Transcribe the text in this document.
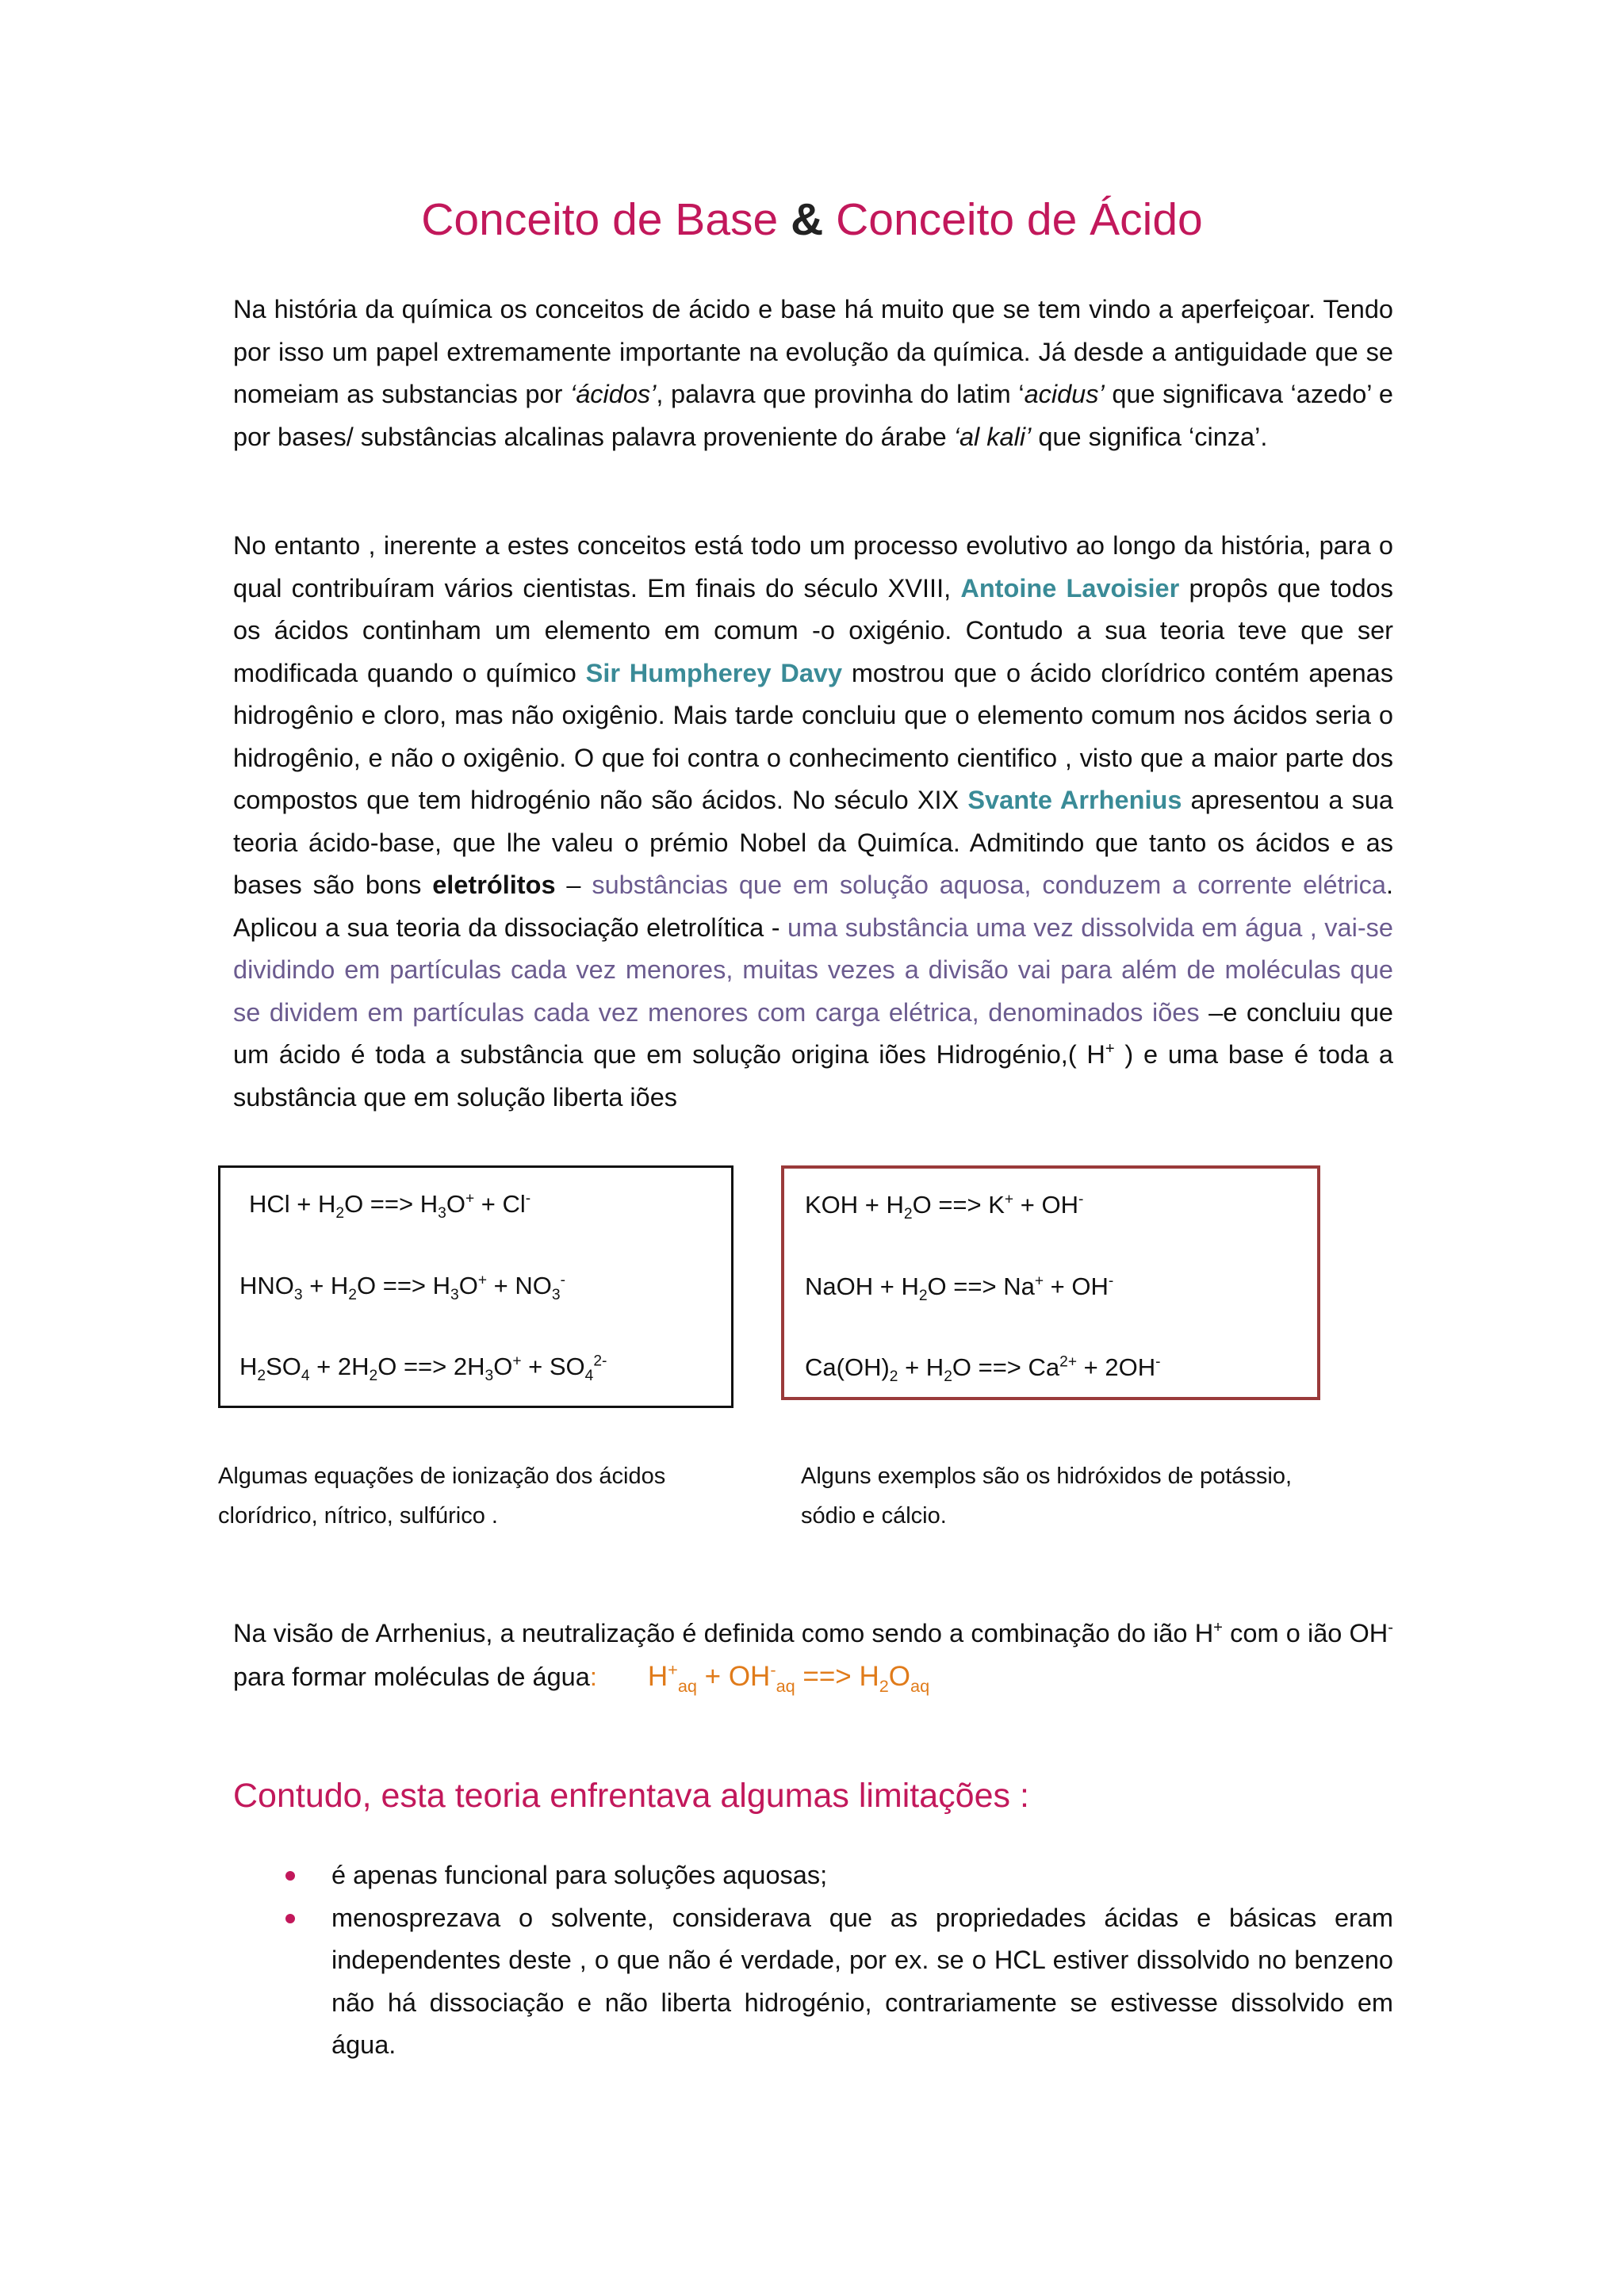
Conceito de Base & Conceito de Ácido

Na história da química os conceitos de ácido e base há muito que se tem vindo a aperfeiçoar. Tendo por isso um papel extremamente importante na evolução da química. Já desde a antiguidade que se nomeiam as substancias por ‘ácidos’, palavra que provinha do latim ‘acidus’ que significava ‘azedo’ e por bases/ substâncias alcalinas palavra proveniente do árabe ‘al kali’ que significa ‘cinza’.

No entanto , inerente a estes conceitos está todo um processo evolutivo ao longo da história, para o qual contribuíram vários cientistas. Em finais do século XVIII, Antoine Lavoisier propôs que todos os ácidos continham um elemento em comum -o oxigénio. Contudo a sua teoria teve que ser modificada quando o químico Sir Humpherey Davy mostrou que o ácido clorídrico contém apenas hidrogênio e cloro, mas não oxigênio. Mais tarde concluiu que o elemento comum nos ácidos seria o hidrogênio, e não o oxigênio. O que foi contra o conhecimento cientifico , visto que a maior parte dos compostos que tem hidrogénio não são ácidos. No século XIX Svante Arrhenius apresentou a sua teoria ácido-base, que lhe valeu o prémio Nobel da Quimíca. Admitindo que tanto os ácidos e as bases são bons eletrólitos – substâncias que em solução aquosa, conduzem a corrente elétrica. Aplicou a sua teoria da dissociação eletrolítica - uma substância uma vez dissolvida em água , vai-se dividindo em partículas cada vez menores, muitas vezes a divisão vai para além de moléculas que se dividem em partículas cada vez menores com carga elétrica, denominados iões –e concluiu que um ácido é toda a substância que em solução origina iões Hidrogénio,( H+ ) e uma base é toda a substância que em solução liberta iões

HCl + $H_2O$ ==> $H_3O^+ + Cl^-$
$HNO_3 + H_2O$ ==> $H_3O^+ + NO_3^-$
$H_2SO_4 + 2H_2O$ ==> $2H_3O^+ + SO_4^{2-}$
KOH + $H_2O$ ==> K+ + OH-
NaOH + $H_2O$ ==> Na+ + OH-
$Ca(OH)_2 + H_2O$ ==> $Ca^{2+} + 2OH^-$
Algumas equações de ionização dos ácidos clorídrico, nítrico, sulfúrico .
Alguns exemplos são os hidróxidos de potássio, sódio e cálcio.

Na visão de Arrhenius, a neutralização é definida como sendo a combinação do ião H+ com o ião OH- para formar moléculas de água: $H^+_{aq} + OH^-_{aq}$ ==> $H_2O_{aq}$

Contudo, esta teoria enfrentava algumas limitações :
é apenas funcional para soluções aquosas;
menosprezava o solvente, considerava que as propriedades ácidas e básicas eram independentes deste , o que não é verdade, por ex. se o HCL estiver dissolvido no benzeno não há dissociação e não liberta hidrogénio, contrariamente se estivesse dissolvido em água.
